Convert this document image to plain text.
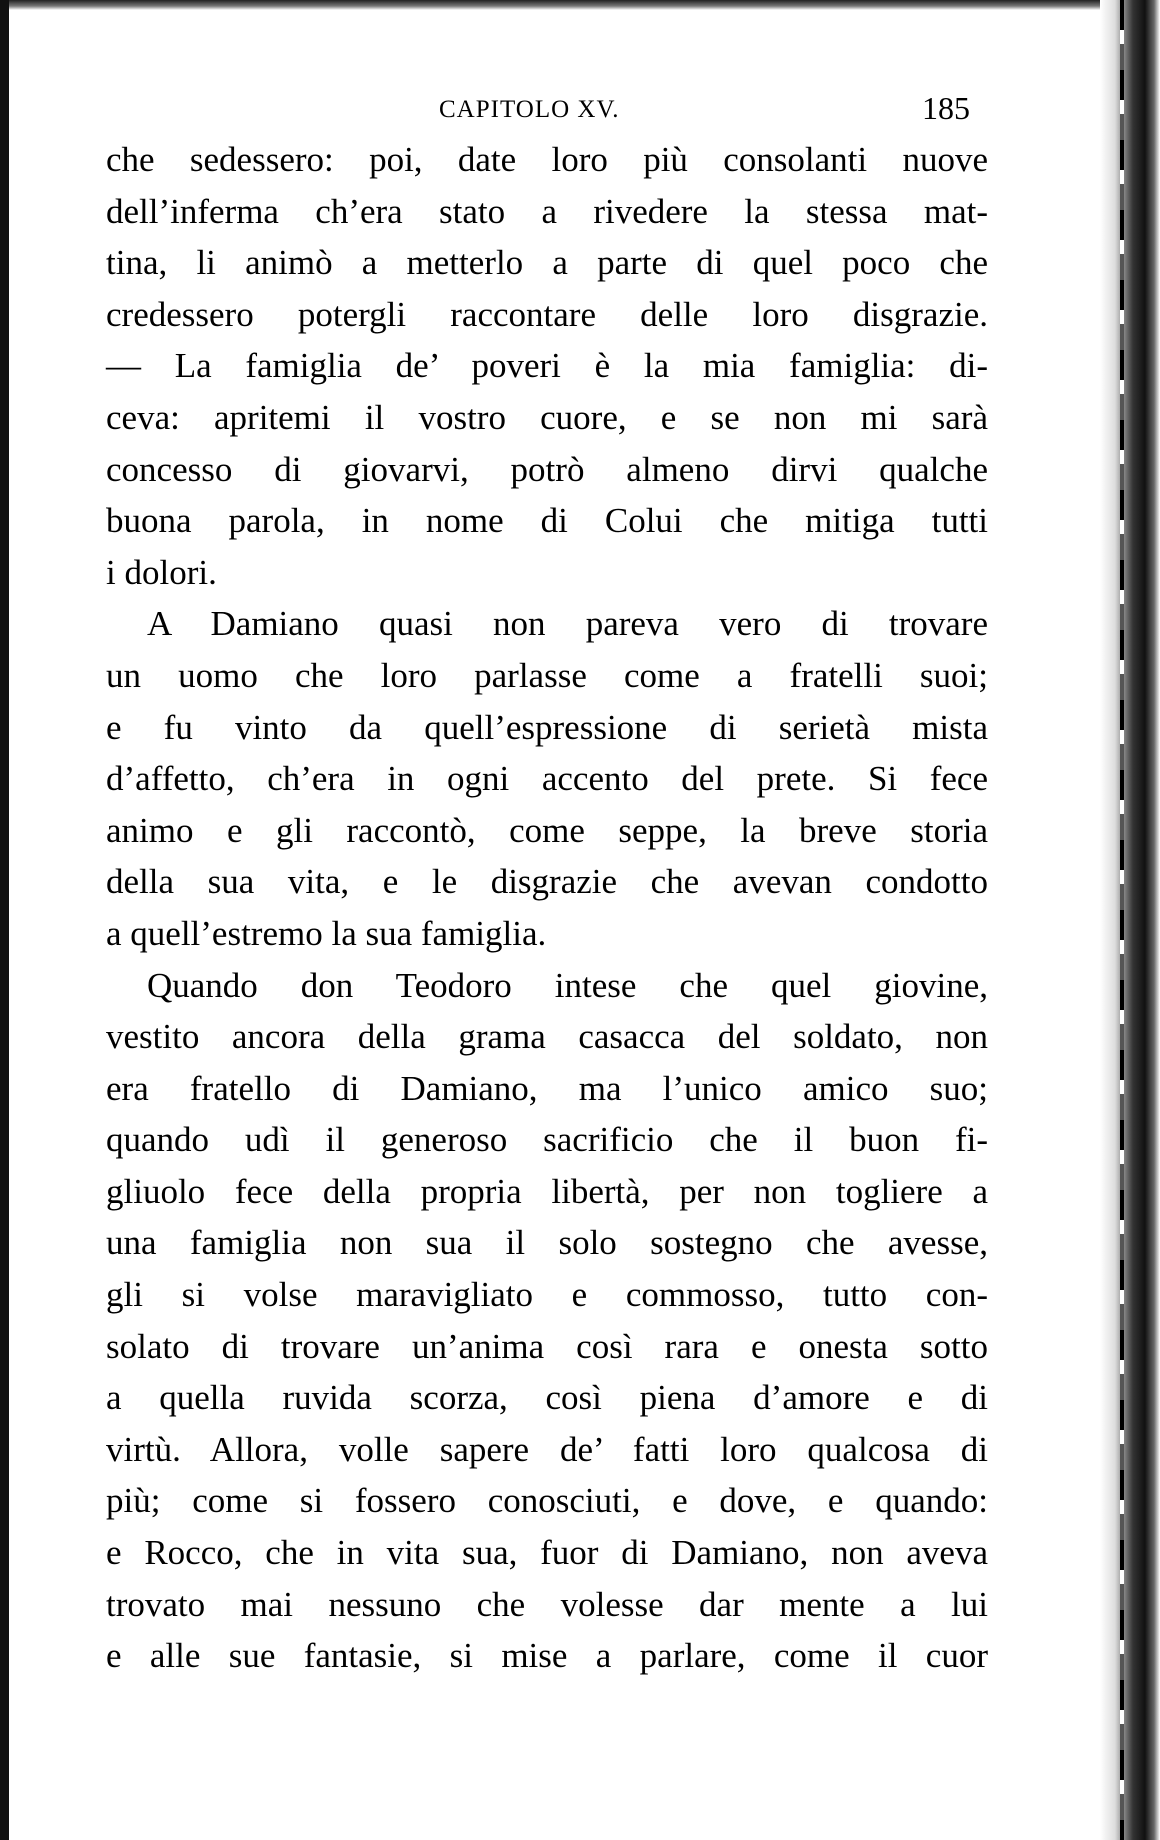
CAPITOLO XV.	185
che sedessero: poi, date loro più consolanti nuove
dell’inferma ch’era stato a rivedere la stessa mat-
tina, li animò a metterlo a parte di quel poco che
credessero potergli raccontare delle loro disgrazie.
— La famiglia de’ poveri è la mia famiglia: di-
ceva: apritemi il vostro cuore, e se non mi sarà
concesso di giovarvi, potrò almeno dirvi qualche
buona parola, in nome di Colui che mitiga tutti
i dolori.
A Damiano quasi non pareva vero di trovare
un uomo che loro parlasse come a fratelli suoi;
e fu vinto da quell’espressione di serietà mista
d’affetto, ch’era in ogni accento del prete. Si fece
animo e gli raccontò, come seppe, la breve storia
della sua vita, e le disgrazie che avevan condotto
a quell’estremo la sua famiglia.
Quando don Teodoro intese che quel giovine,
vestito ancora della grama casacca del soldato, non
era fratello di Damiano, ma l’unico amico suo;
quando udì il generoso sacrificio che il buon fi-
gliuolo fece della propria libertà, per non togliere a
una famiglia non sua il solo sostegno che avesse,
gli si volse maravigliato e commosso, tutto con-
solato di trovare un’anima così rara e onesta sotto
a quella ruvida scorza, così piena d’amore e di
virtù. Allora, volle sapere de’ fatti loro qualcosa di
più; come si fossero conosciuti, e dove, e quando:
e Rocco, che in vita sua, fuor di Damiano, non aveva
trovato mai nessuno che volesse dar mente a lui
e alle sue fantasie, si mise a parlare, come il cuor
